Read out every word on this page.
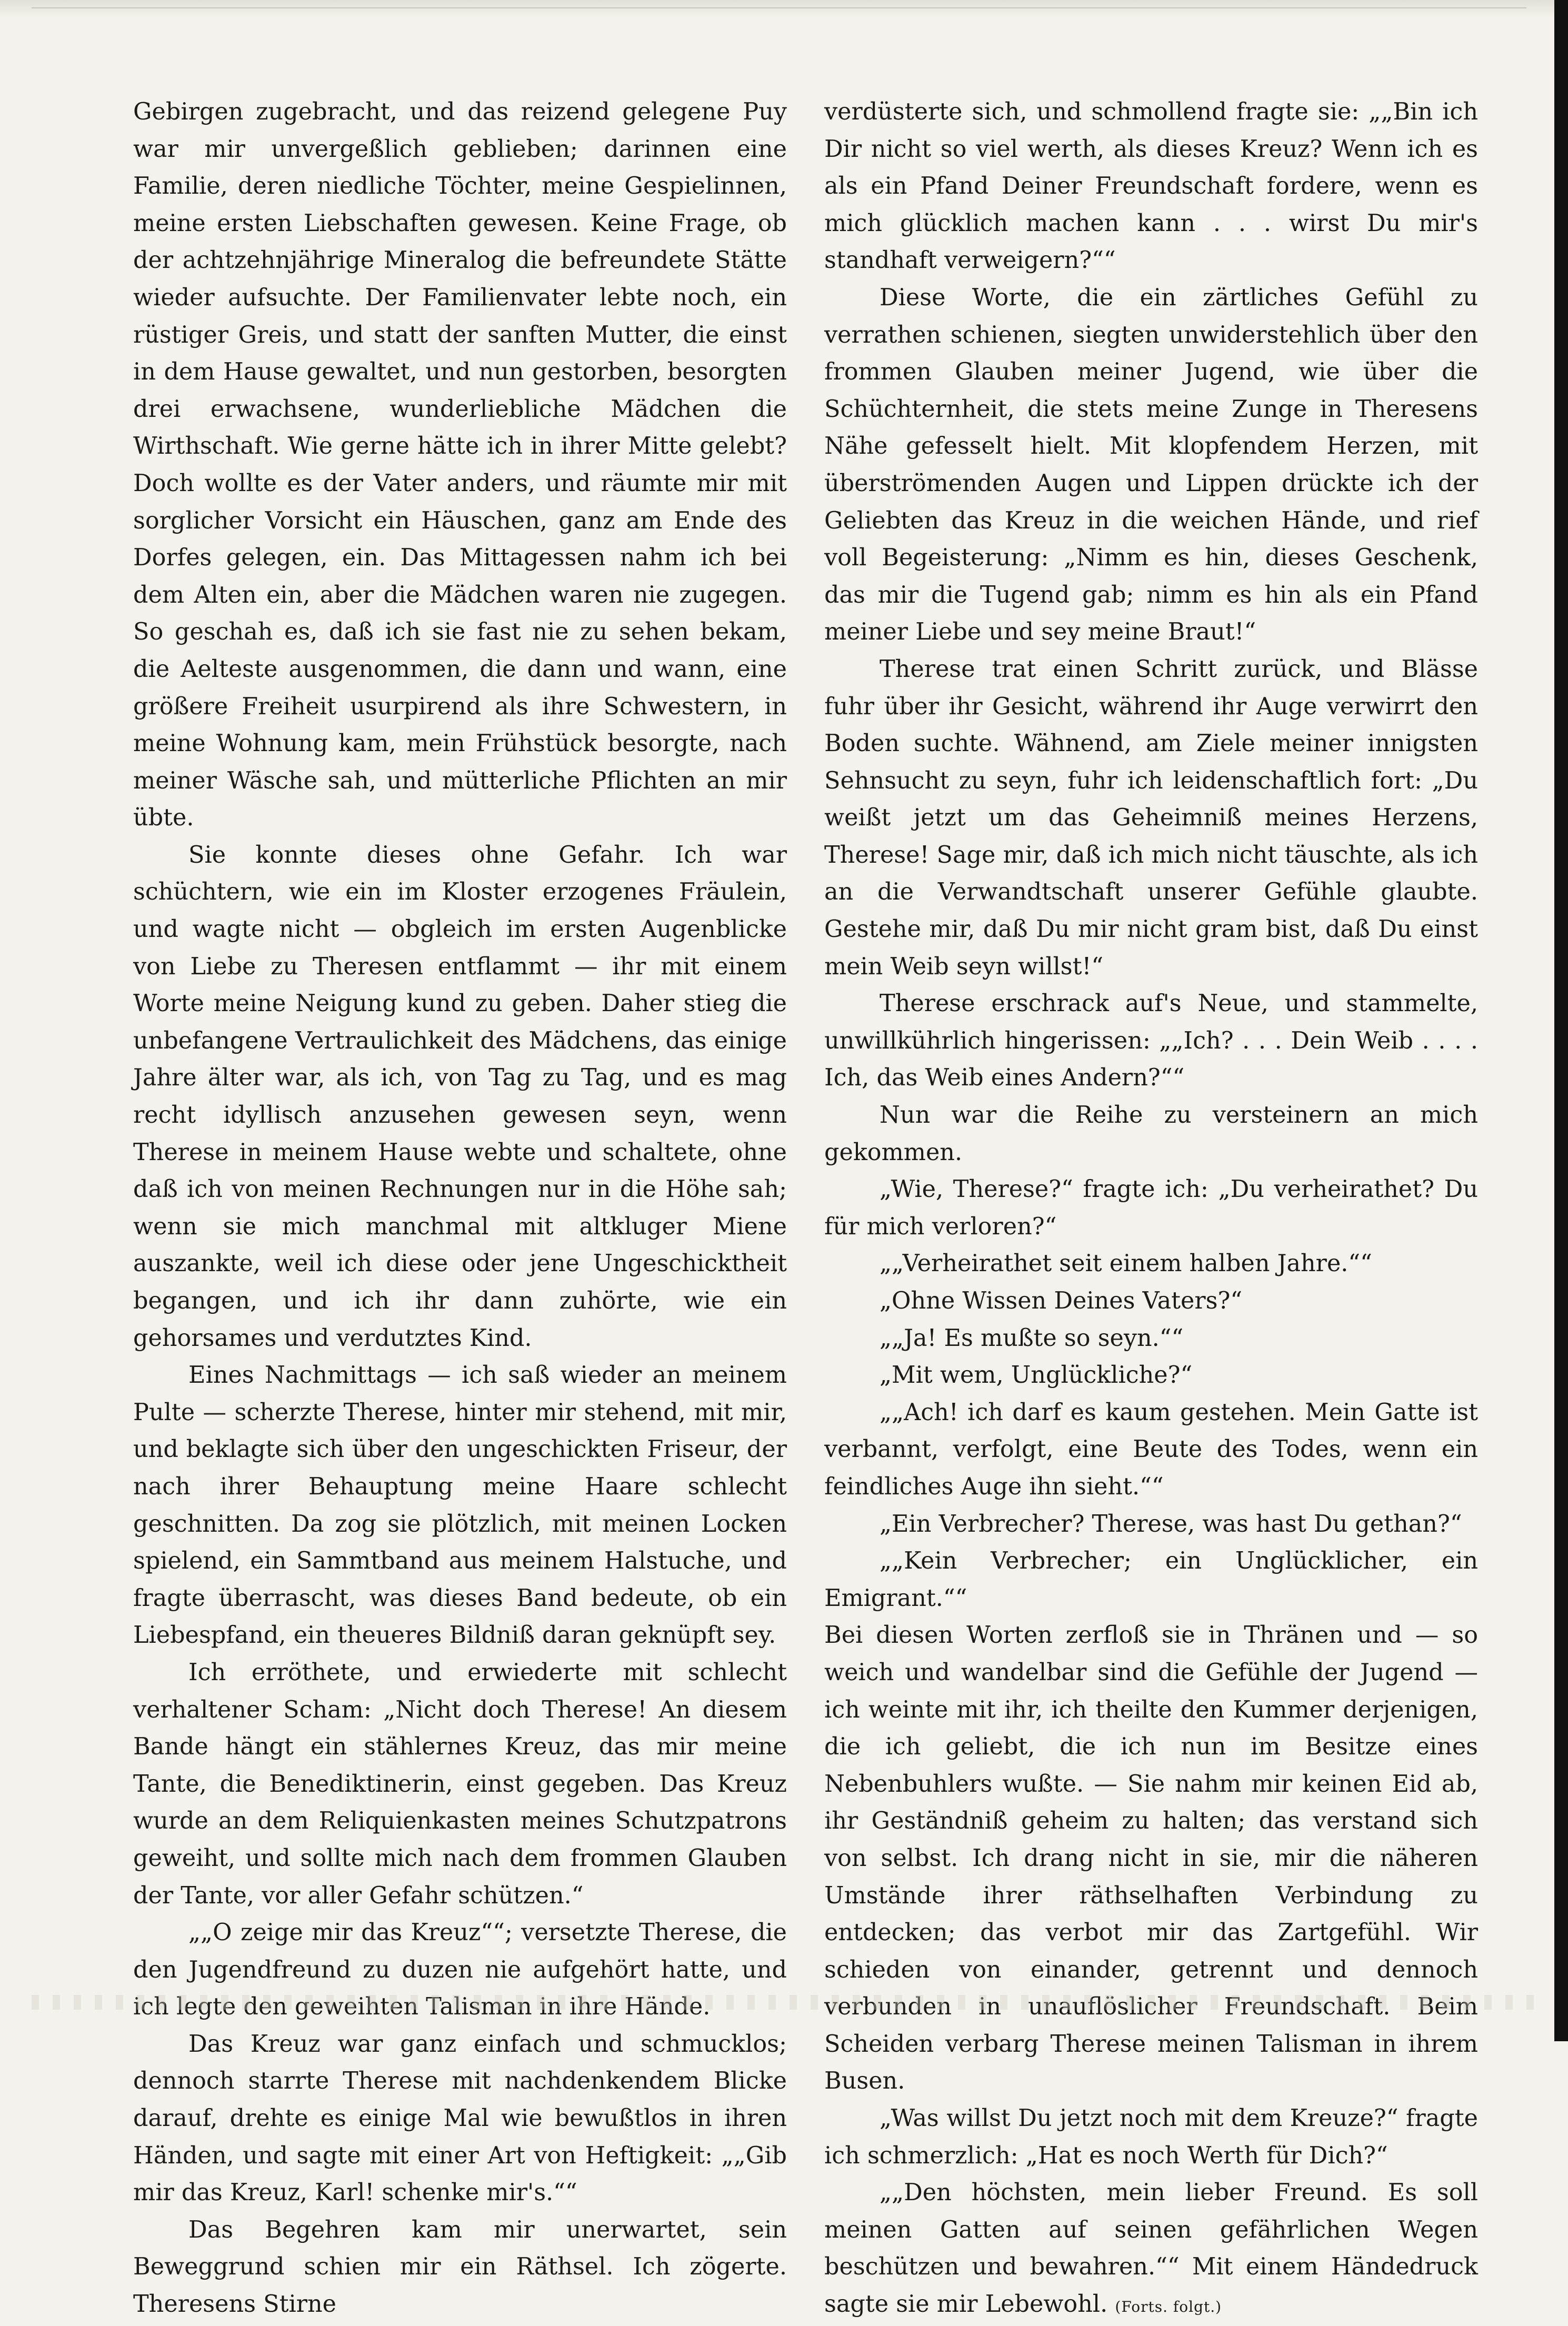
Gebirgen zugebracht, und das reizend gelegene Puy war mir unvergeßlich geblieben; darinnen eine Familie, deren niedliche Töchter, meine Gespielinnen, meine ersten Liebschaften gewesen. Keine Frage, ob der achtzehnjährige Mineralog die befreundete Stätte wieder aufsuchte. Der Familienvater lebte noch, ein rüstiger Greis, und statt der sanften Mutter, die einst in dem Hause gewaltet, und nun gestorben, besorgten drei erwachsene, wunderliebliche Mädchen die Wirthschaft. Wie gerne hätte ich in ihrer Mitte gelebt? Doch wollte es der Vater anders, und räumte mir mit sorglicher Vorsicht ein Häuschen, ganz am Ende des Dorfes gelegen, ein. Das Mittagessen nahm ich bei dem Alten ein, aber die Mädchen waren nie zugegen. So geschah es, daß ich sie fast nie zu sehen bekam, die Aelteste ausgenommen, die dann und wann, eine größere Freiheit usurpirend als ihre Schwestern, in meine Wohnung kam, mein Frühstück besorgte, nach meiner Wäsche sah, und mütterliche Pflichten an mir übte.

Sie konnte dieses ohne Gefahr. Ich war schüchtern, wie ein im Kloster erzogenes Fräulein, und wagte nicht — obgleich im ersten Augenblicke von Liebe zu Theresen entflammt — ihr mit einem Worte meine Neigung kund zu geben. Daher stieg die unbefangene Vertraulichkeit des Mädchens, das einige Jahre älter war, als ich, von Tag zu Tag, und es mag recht idyllisch anzusehen gewesen seyn, wenn Therese in meinem Hause webte und schaltete, ohne daß ich von meinen Rechnungen nur in die Höhe sah; wenn sie mich manchmal mit altkluger Miene auszankte, weil ich diese oder jene Ungeschicktheit begangen, und ich ihr dann zuhörte, wie ein gehorsames und verdutztes Kind.

Eines Nachmittags — ich saß wieder an meinem Pulte — scherzte Therese, hinter mir stehend, mit mir, und beklagte sich über den ungeschickten Friseur, der nach ihrer Behauptung meine Haare schlecht geschnitten. Da zog sie plötzlich, mit meinen Locken spielend, ein Sammtband aus meinem Halstuche, und fragte überrascht, was dieses Band bedeute, ob ein Liebespfand, ein theueres Bildniß daran geknüpft sey.

Ich erröthete, und erwiederte mit schlecht verhaltener Scham: „Nicht doch Therese! An diesem Bande hängt ein stählernes Kreuz, das mir meine Tante, die Benediktinerin, einst gegeben. Das Kreuz wurde an dem Reliquienkasten meines Schutzpatrons geweiht, und sollte mich nach dem frommen Glauben der Tante, vor aller Gefahr schützen.“

„„O zeige mir das Kreuz““; versetzte Therese, die den Jugendfreund zu duzen nie aufgehört hatte, und ich legte den geweihten Talisman in ihre Hände.

Das Kreuz war ganz einfach und schmucklos; dennoch starrte Therese mit nachdenkendem Blicke darauf, drehte es einige Mal wie bewußtlos in ihren Händen, und sagte mit einer Art von Heftigkeit: „„Gib mir das Kreuz, Karl! schenke mir's.““

Das Begehren kam mir unerwartet, sein Beweggrund schien mir ein Räthsel. Ich zögerte. Theresens Stirne

verdüsterte sich, und schmollend fragte sie: „„Bin ich Dir nicht so viel werth, als dieses Kreuz? Wenn ich es als ein Pfand Deiner Freundschaft fordere, wenn es mich glücklich machen kann . . . wirst Du mir's standhaft verweigern?““

Diese Worte, die ein zärtliches Gefühl zu verrathen schienen, siegten unwiderstehlich über den frommen Glauben meiner Jugend, wie über die Schüchternheit, die stets meine Zunge in Theresens Nähe gefesselt hielt. Mit klopfendem Herzen, mit überströmenden Augen und Lippen drückte ich der Geliebten das Kreuz in die weichen Hände, und rief voll Begeisterung: „Nimm es hin, dieses Geschenk, das mir die Tugend gab; nimm es hin als ein Pfand meiner Liebe und sey meine Braut!“

Therese trat einen Schritt zurück, und Blässe fuhr über ihr Gesicht, während ihr Auge verwirrt den Boden suchte. Wähnend, am Ziele meiner innigsten Sehnsucht zu seyn, fuhr ich leidenschaftlich fort: „Du weißt jetzt um das Geheimniß meines Herzens, Therese! Sage mir, daß ich mich nicht täuschte, als ich an die Verwandtschaft unserer Gefühle glaubte. Gestehe mir, daß Du mir nicht gram bist, daß Du einst mein Weib seyn willst!“

Therese erschrack auf's Neue, und stammelte, unwillkührlich hingerissen: „„Ich? . . . Dein Weib . . . . Ich, das Weib eines Andern?““

Nun war die Reihe zu versteinern an mich gekommen.

„Wie, Therese?“ fragte ich: „Du verheirathet? Du für mich verloren?“

„„Verheirathet seit einem halben Jahre.““

„Ohne Wissen Deines Vaters?“

„„Ja! Es mußte so seyn.““

„Mit wem, Unglückliche?“

„„Ach! ich darf es kaum gestehen. Mein Gatte ist verbannt, verfolgt, eine Beute des Todes, wenn ein feindliches Auge ihn sieht.““

„Ein Verbrecher? Therese, was hast Du gethan?“

„„Kein Verbrecher; ein Unglücklicher, ein Emigrant.““

Bei diesen Worten zerfloß sie in Thränen und — so weich und wandelbar sind die Gefühle der Jugend — ich weinte mit ihr, ich theilte den Kummer derjenigen, die ich geliebt, die ich nun im Besitze eines Nebenbuhlers wußte. — Sie nahm mir keinen Eid ab, ihr Geständniß geheim zu halten; das verstand sich von selbst. Ich drang nicht in sie, mir die näheren Umstände ihrer räthselhaften Verbindung zu entdecken; das verbot mir das Zartgefühl. Wir schieden von einander, getrennt und dennoch verbunden in unauflöslicher Freundschaft. Beim Scheiden verbarg Therese meinen Talisman in ihrem Busen.

„Was willst Du jetzt noch mit dem Kreuze?“ fragte ich schmerzlich: „Hat es noch Werth für Dich?“

„„Den höchsten, mein lieber Freund. Es soll meinen Gatten auf seinen gefährlichen Wegen beschützen und bewahren.““ Mit einem Händedruck sagte sie mir Lebewohl. (Forts. folgt.)
